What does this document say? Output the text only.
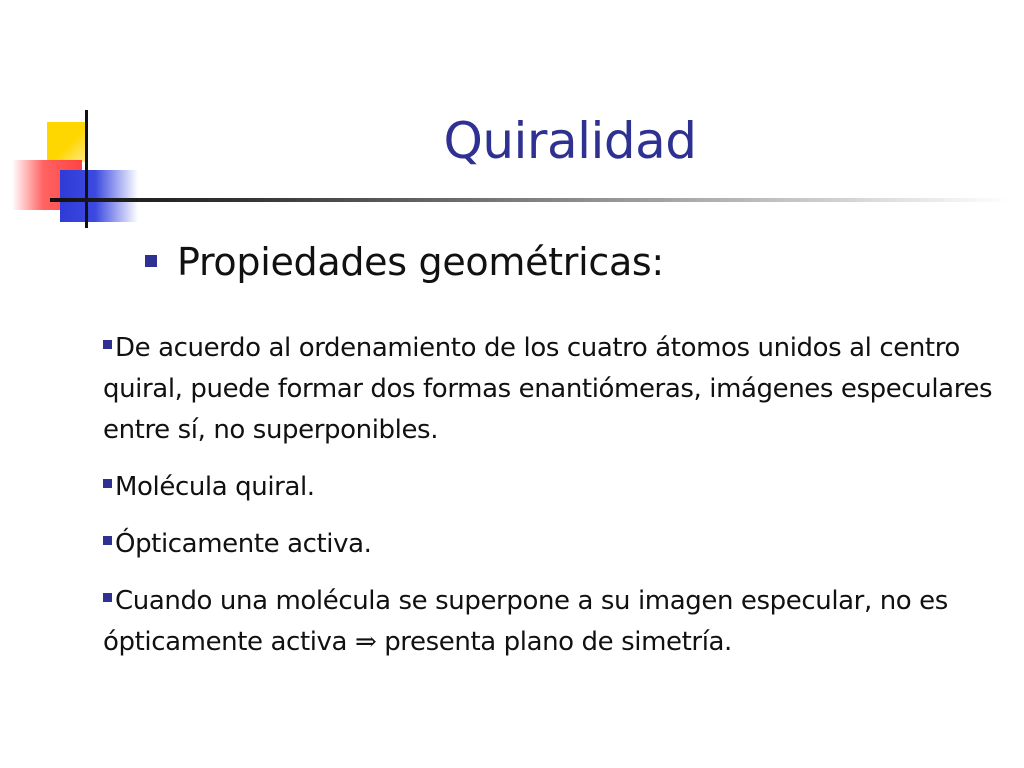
Quiralidad
Propiedades geométricas:

De acuerdo al ordenamiento de los cuatro átomos unidos al centro quiral, puede formar dos formas enantiómeras, imágenes especulares entre sí, no superponibles.

Molécula quiral.

Ópticamente activa.

Cuando una molécula se superpone a su imagen especular, no es ópticamente activa ⇒ presenta plano de simetría.
